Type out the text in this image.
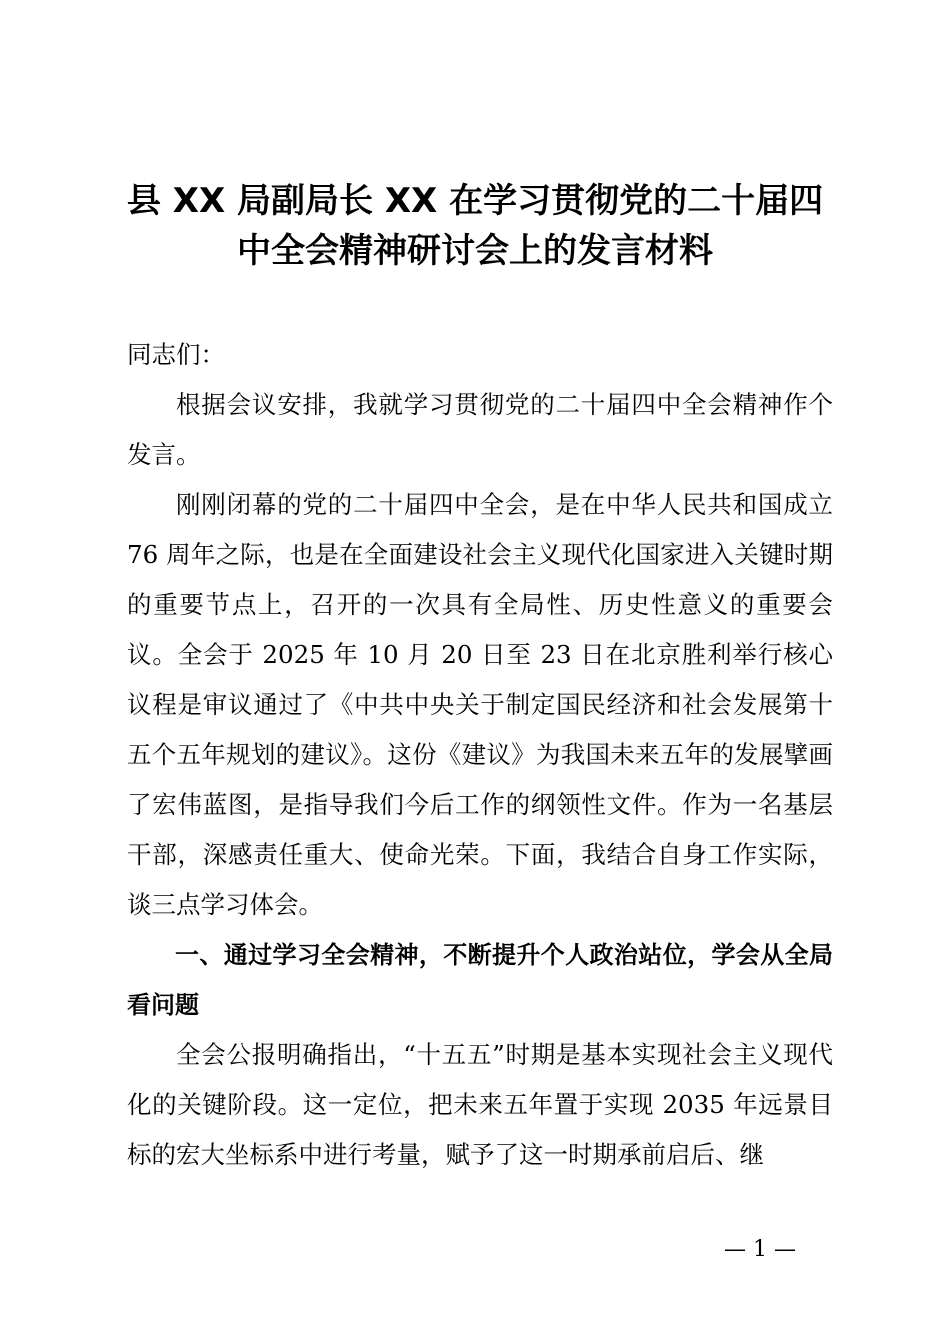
县 XX 局副局长 XX 在学习贯彻党的二十届四
中全会精神研讨会上的发言材料

同志们：

根据会议安排，我就学习贯彻党的二十届四中全会精神作个发言。

刚刚闭幕的党的二十届四中全会，是在中华人民共和国成立 76 周年之际，也是在全面建设社会主义现代化国家进入关键时期的重要节点上，召开的一次具有全局性、历史性意义的重要会议。全会于 2025 年 10 月 20 日至 23 日在北京胜利举行核心议程是审议通过了《中共中央关于制定国民经济和社会发展第十五个五年规划的建议》。这份《建议》为我国未来五年的发展擘画了宏伟蓝图，是指导我们今后工作的纲领性文件。作为一名基层干部，深感责任重大、使命光荣。下面，我结合自身工作实际，谈三点学习体会。

一、通过学习全会精神，不断提升个人政治站位，学会从全局看问题

全会公报明确指出，“十五五”时期是基本实现社会主义现代化的关键阶段。这一定位，把未来五年置于实现 2035 年远景目标的宏大坐标系中进行考量，赋予了这一时期承前启后、继

— 1 —
